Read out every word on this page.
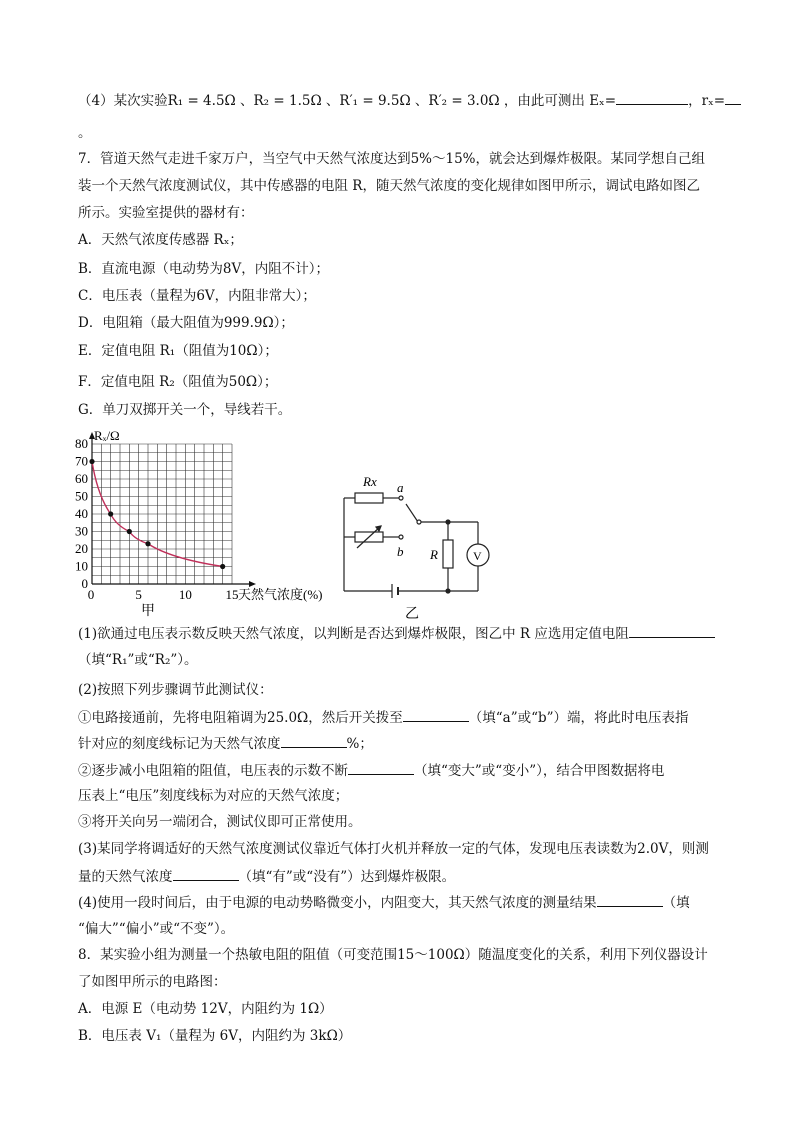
（4）某次实验R₁ = 4.5Ω 、R₂ = 1.5Ω 、R′₁ = 9.5Ω 、R′₂ = 3.0Ω ，由此可测出 Eₓ=	，rₓ=
。
7．管道天然气走进千家万户，当空气中天然气浓度达到5%～15%，就会达到爆炸极限。某同学想自己组
装一个天然气浓度测试仪，其中传感器的电阻 R，随天然气浓度的变化规律如图甲所示，调试电路如图乙
所示。实验室提供的器材有：
A．天然气浓度传感器 Rₓ；
B．直流电源（电动势为8V，内阻不计）；
C．电压表（量程为6V，内阻非常大）；
D．电阻箱（最大阻值为999.9Ω）；
E．定值电阻 R₁（阻值为10Ω）；
F．定值电阻 R₂（阻值为50Ω）；
G．单刀双掷开关一个，导线若干。
(1)欲通过电压表示数反映天然气浓度，以判断是否达到爆炸极限，图乙中 R 应选用定值电阻
（填“R₁”或“R₂”）。
(2)按照下列步骤调节此测试仪：
①电路接通前，先将电阻箱调为25.0Ω，然后开关拨至	（填“a”或“b”）端，将此时电压表指
针对应的刻度线标记为天然气浓度	%；
②逐步减小电阻箱的阻值，电压表的示数不断	（填“变大”或“变小”），结合甲图数据将电
压表上“电压”刻度线标为对应的天然气浓度；
③将开关向另一端闭合，测试仪即可正常使用。
(3)某同学将调适好的天然气浓度测试仪靠近气体打火机并释放一定的气体，发现电压表读数为2.0V，则测
量的天然气浓度	（填“有”或“没有”）达到爆炸极限。
(4)使用一段时间后，由于电源的电动势略微变小，内阻变大，其天然气浓度的测量结果	（填
“偏大”“偏小”或“不变”）。
8．某实验小组为测量一个热敏电阻的阻值（可变范围15～100Ω）随温度变化的关系，利用下列仪器设计
了如图甲所示的电路图：
A．电源 E（电动势 12V，内阻约为 1Ω）
B．电压表 V₁（量程为 6V，内阻约为 3kΩ）
0
10
20
30
40
50
60
70
80
5	10	15
0
Rₓ/Ω
天然气浓度(%)
甲
Rx a
b R	V
乙
